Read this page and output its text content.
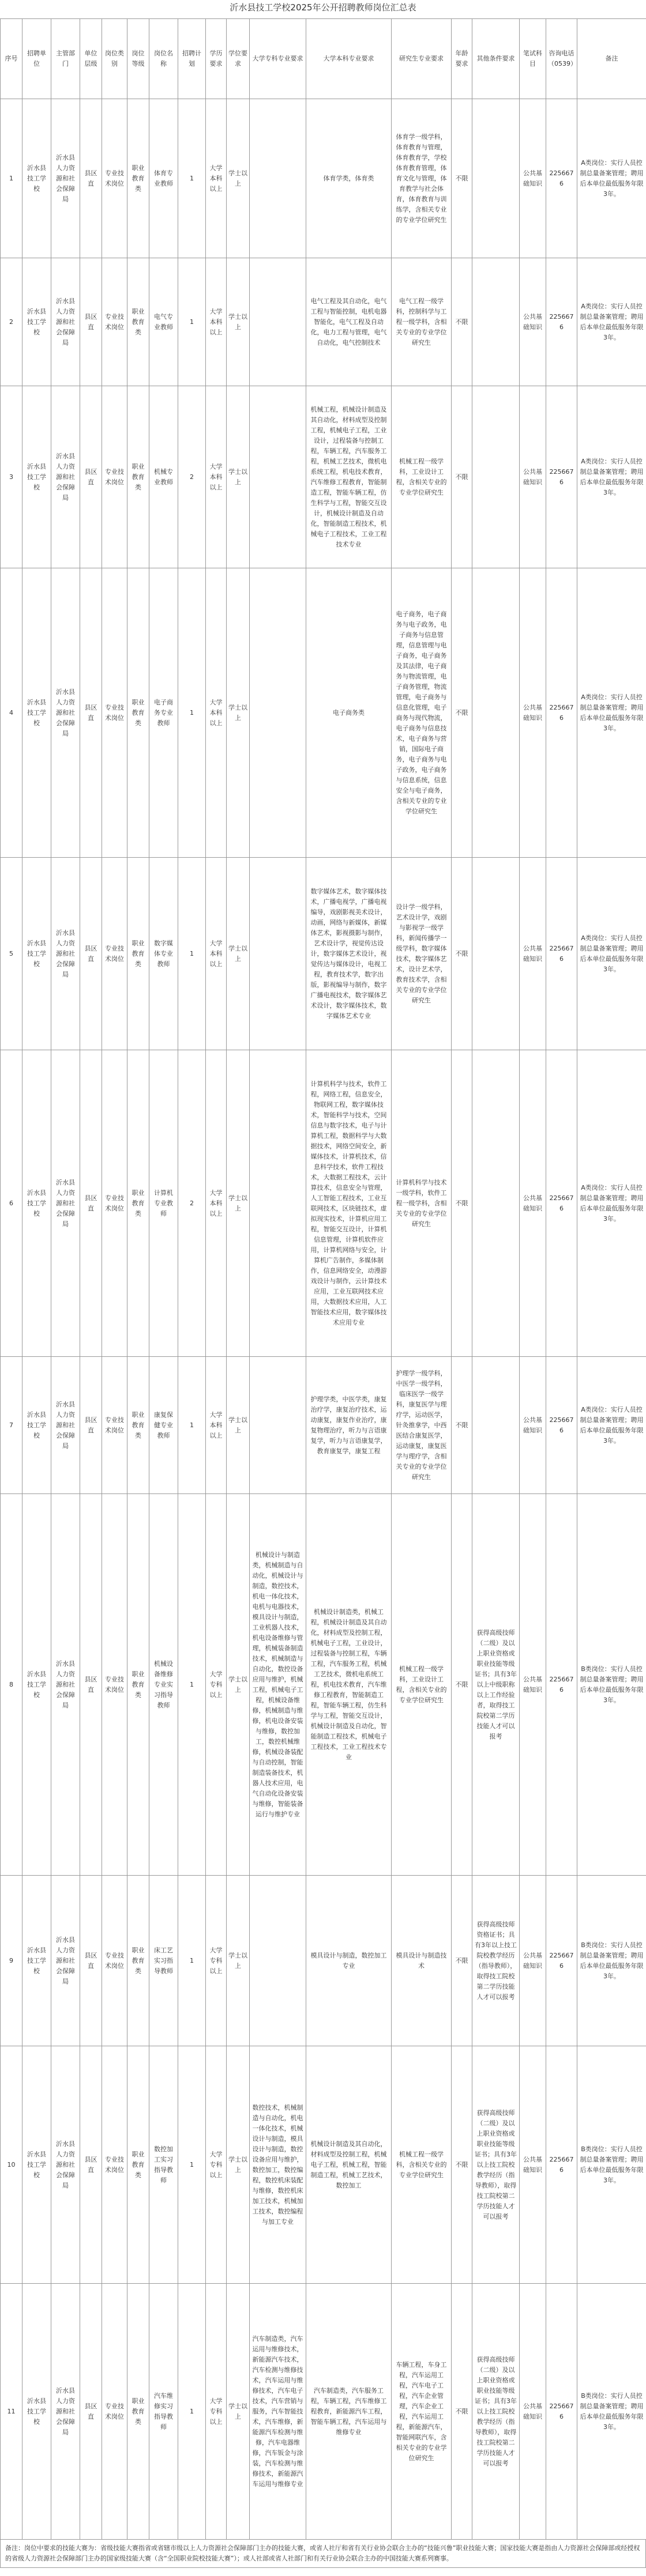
沂水县技工学校2025年公开招聘教师岗位汇总表
序号	招聘单位	主管部门	单位层级	岗位类别	岗位等级	岗位名称	招聘计划	学历要求	学位要求	大学专科专业要求	大学本科专业要求	研究生专业要求	年龄要求	其他条件要求	笔试科目	咨询电话（0539）	备注
1	沂水县技工学校	沂水县人力资源和社会保障局	县区直	专业技术岗位	职业教育类	体育专业教师	1	大学本科以上	学士以上		体育学类，体育类	体育学一级学科，体育教育与管理，体育教育学，学校体育教育管理，体育文化与管理，体育教学与社会体育，体育教育与训练学，含相关专业的专业学位研究生	不限		公共基础知识	2256676	A类岗位：实行人员控制总量备案管理；聘用后本单位最低服务年限3年。
2	沂水县技工学校	沂水县人力资源和社会保障局	县区直	专业技术岗位	职业教育类	电气专业教师	1	大学本科以上	学士以上		电气工程及其自动化，电气工程与智能控制，电机电器智能化，电气工程及自动化，电力工程与管理，电气自动化，电气控制技术	电气工程一级学科，控制科学与工程一级学科，含相关专业的专业学位研究生	不限		公共基础知识	2256676	A类岗位：实行人员控制总量备案管理；聘用后本单位最低服务年限3年。
3	沂水县技工学校	沂水县人力资源和社会保障局	县区直	专业技术岗位	职业教育类	机械专业教师	2	大学本科以上	学士以上		机械工程，机械设计制造及其自动化，材料成型及控制工程，机械电子工程，工业设计，过程装备与控制工程，车辆工程，汽车服务工程，机械工艺技术，微机电系统工程，机电技术教育，汽车维修工程教育，智能制造工程，智能车辆工程，仿生科学与工程，智能交互设计，机械设计制造及自动化，智能制造工程技术，机械电子工程技术，工业工程技术专业	机械工程一级学科，工业设计工程，含相关专业的专业学位研究生	不限		公共基础知识	2256676	A类岗位：实行人员控制总量备案管理；聘用后本单位最低服务年限3年。
4	沂水县技工学校	沂水县人力资源和社会保障局	县区直	专业技术岗位	职业教育类	电子商务专业教师	1	大学本科以上	学士以上		电子商务类	电子商务，电子商务与电子政务，电子商务与信息管理，信息管理与电子商务，电子商务及其法律，电子商务与物流管理，电子商务管理，物流管理，电子商务与信息化管理，电子商务与现代物流，电子商务与信息技术，电子商务与营销，国际电子商务，电子商务与电子政务，电子商务与信息系统，信息安全与电子商务，含相关专业的专业学位研究生	不限		公共基础知识	2256676	A类岗位：实行人员控制总量备案管理；聘用后本单位最低服务年限3年。
5	沂水县技工学校	沂水县人力资源和社会保障局	县区直	专业技术岗位	职业教育类	数字媒体专业教师	1	大学本科以上	学士以上		数字媒体艺术，数字媒体技术，广播电视学，广播电视编导，戏剧影视美术设计，动画，网络与新媒体，新媒体艺术，影视摄影与制作，艺术设计学，视觉传达设计，数字媒体艺术设计，视觉传达与媒体设计，电视工程，教育技术学，数字出版，影视编导与制作，数字广播电视技术，数字媒体艺术设计，数字媒体技术，数字媒体艺术专业	设计学一级学科，艺术设计学，戏剧与影视学一级学科，新闻传播学一级学科，数字媒体技术，数字媒体艺术，设计艺术学，教育技术学，含相关专业的专业学位研究生	不限		公共基础知识	2256676	A类岗位：实行人员控制总量备案管理；聘用后本单位最低服务年限3年。
6	沂水县技工学校	沂水县人力资源和社会保障局	县区直	专业技术岗位	职业教育类	计算机专业教师	2	大学本科以上	学士以上		计算机科学与技术，软件工程，网络工程，信息安全，物联网工程，数字媒体技术，智能科学与技术，空间信息与数字技术，电子与计算机工程，数据科学与大数据技术，网络空间安全，新媒体技术，计算机技术，信息科学技术，软件工程技术，大数据工程技术，云计算技术，信息安全与管理，人工智能工程技术，工业互联网技术，区块链技术，虚拟现实技术，计算机应用工程，智能交互设计，计算机信息管理，计算机软件应用，计算机网络与安全，计算机广告制作，多媒体制作，信息网络安全，动漫游戏设计与制作，云计算技术应用，工业互联网技术应用，大数据技术应用，人工智能技术应用，数字媒体技术应用专业	计算机科学与技术一级学科，软件工程一级学科，含相关专业的专业学位研究生	不限		公共基础知识	2256676	A类岗位：实行人员控制总量备案管理；聘用后本单位最低服务年限3年。
7	沂水县技工学校	沂水县人力资源和社会保障局	县区直	专业技术岗位	职业教育类	康复保健专业教师	1	大学本科以上	学士以上		护理学类，中医学类，康复治疗学，康复治疗技术，运动康复，康复作业治疗，康复物理治疗，听力与言语康复学，听力与言语康复学，教育康复学，康复工程	护理学一级学科，中医学一级学科，临床医学一级学科，康复医学与理疗学，运动医学，针灸推拿学，中西医结合康复医学，运动康复，康复医学与理疗学，含相关专业的专业学位研究生	不限		公共基础知识	2256676	A类岗位：实行人员控制总量备案管理；聘用后本单位最低服务年限3年。
8	沂水县技工学校	沂水县人力资源和社会保障局	县区直	专业技术岗位	职业教育类	机械设备维修专业实习指导教师	1	大学专科以上	学士以上	机械设计与制造类，机械制造与自动化，机械设计与制造，数控技术，机电一体化技术，电机与电器技术，模具设计与制造，工业机器人技术，机电设备维修与管理，机械装备制造技术，机械制造与自动化，数控设备应用与维护，机械工程，机械电子工程，机械设备维修，机械制造与维修，机电设备安装与维修，数控加工，数控机械维修，机械设备装配与自动控制，智能制造装备技术，机器人技术应用，电气自动化设备安装与维修，智能装备运行与维护专业	机械设计制造类，机械工程，机械设计制造及其自动化，材料成型及控制工程，机械电子工程，工业设计，过程装备与控制工程，车辆工程，汽车服务工程，机械工艺技术，微机电系统工程，机电技术教育，汽车维修工程教育，智能制造工程，智能车辆工程，仿生科学与工程，智能交互设计，机械设计制造及自动化，智能制造工程技术，机械电子工程技术，工业工程技术专业	机械工程一级学科，工业设计工程，含相关专业的专业学位研究生	不限	获得高级技师（二级）及以上职业资格或职业技能等级证书；具有3年以上中级职称以上工作经验者，取得技工院校第二学历技能人才可以报考	公共基础知识	2256676	B类岗位：实行人员控制总量备案管理；聘用后本单位最低服务年限3年。
9	沂水县技工学校	沂水县人力资源和社会保障局	县区直	专业技术岗位	职业教育类	床工艺实习指导教师	1	大学专科以上	学士以上		模具设计与制造，数控加工专业	模具设计与制造技术	不限	获得高级技师资格证书；具有3年以上技工院校教学经历（指导教师），取得技工院校第二学历技能人才可以报考	公共基础知识	2256676	B类岗位：实行人员控制总量备案管理；聘用后本单位最低服务年限3年。
10	沂水县技工学校	沂水县人力资源和社会保障局	县区直	专业技术岗位	职业教育类	数控加工实习指导教师	1	大学专科以上	学士以上	数控技术，机械制造与自动化，机电一体化技术，机械设计与制造，模具设计与制造，数控设备应用与维护，数控加工，数控编程，数控机床装配与维修，数控机床加工技术，机械加工技术，数控编程与加工专业	机械设计制造及其自动化，材料成型及控制工程，机械电子工程，机械工程，智能制造工程，机械工艺技术，数控加工	机械工程一级学科，含相关专业的专业学位研究生	不限	获得高级技师（二级）及以上职业资格或职业技能等级证书；具有3年以上技工院校教学经历（指导教师），取得技工院校第二学历技能人才可以报考	公共基础知识	2256676	B类岗位：实行人员控制总量备案管理；聘用后本单位最低服务年限3年。
11	沂水县技工学校	沂水县人力资源和社会保障局	县区直	专业技术岗位	职业教育类	汽车维修实习指导教师	1	大学专科以上	学士以上	汽车制造类，汽车运用与维修技术，新能源汽车技术，汽车检测与维修技术，汽车运用与维修技术，汽车电子技术，汽车营销与服务，汽车智能技术，汽车维修，新能源汽车检测与维修，汽车电器维修，汽车钣金与涂装，汽车检测与维修技术，新能源汽车运用与维修专业	汽车制造类，汽车服务工程，车辆工程，汽车维修工程教育，新能源汽车工程，智能车辆工程，汽车运用与维修专业	车辆工程，车身工程，汽车运用工程，汽车电子工程，汽车企业管理，汽车企业工程，汽车运用工程，新能源汽车，智能网联汽车，含相关专业的专业学位研究生	不限	获得高级技师（二级）及以上职业资格或职业技能等级证书；具有3年以上技工院校教学经历（指导教师），取得技工院校第二学历技能人才可以报考	公共基础知识	2256676	B类岗位：实行人员控制总量备案管理；聘用后本单位最低服务年限3年。
备注：岗位中要求的技能大赛为：省级技能大赛指省或省辖市级以上人力资源社会保障部门主办的技能大赛，或省人社厅和省有关行业协会联合主办的“技能兴鲁”职业技能大赛；国家技能大赛是指由人力资源社会保障部或经授权的省级人力资源社会保障部门主办的国家级技能大赛（含“全国职业院校技能大赛”）；或人社部或省人社部门和有关行业协会联合主办的中国技能大赛系列赛事。
